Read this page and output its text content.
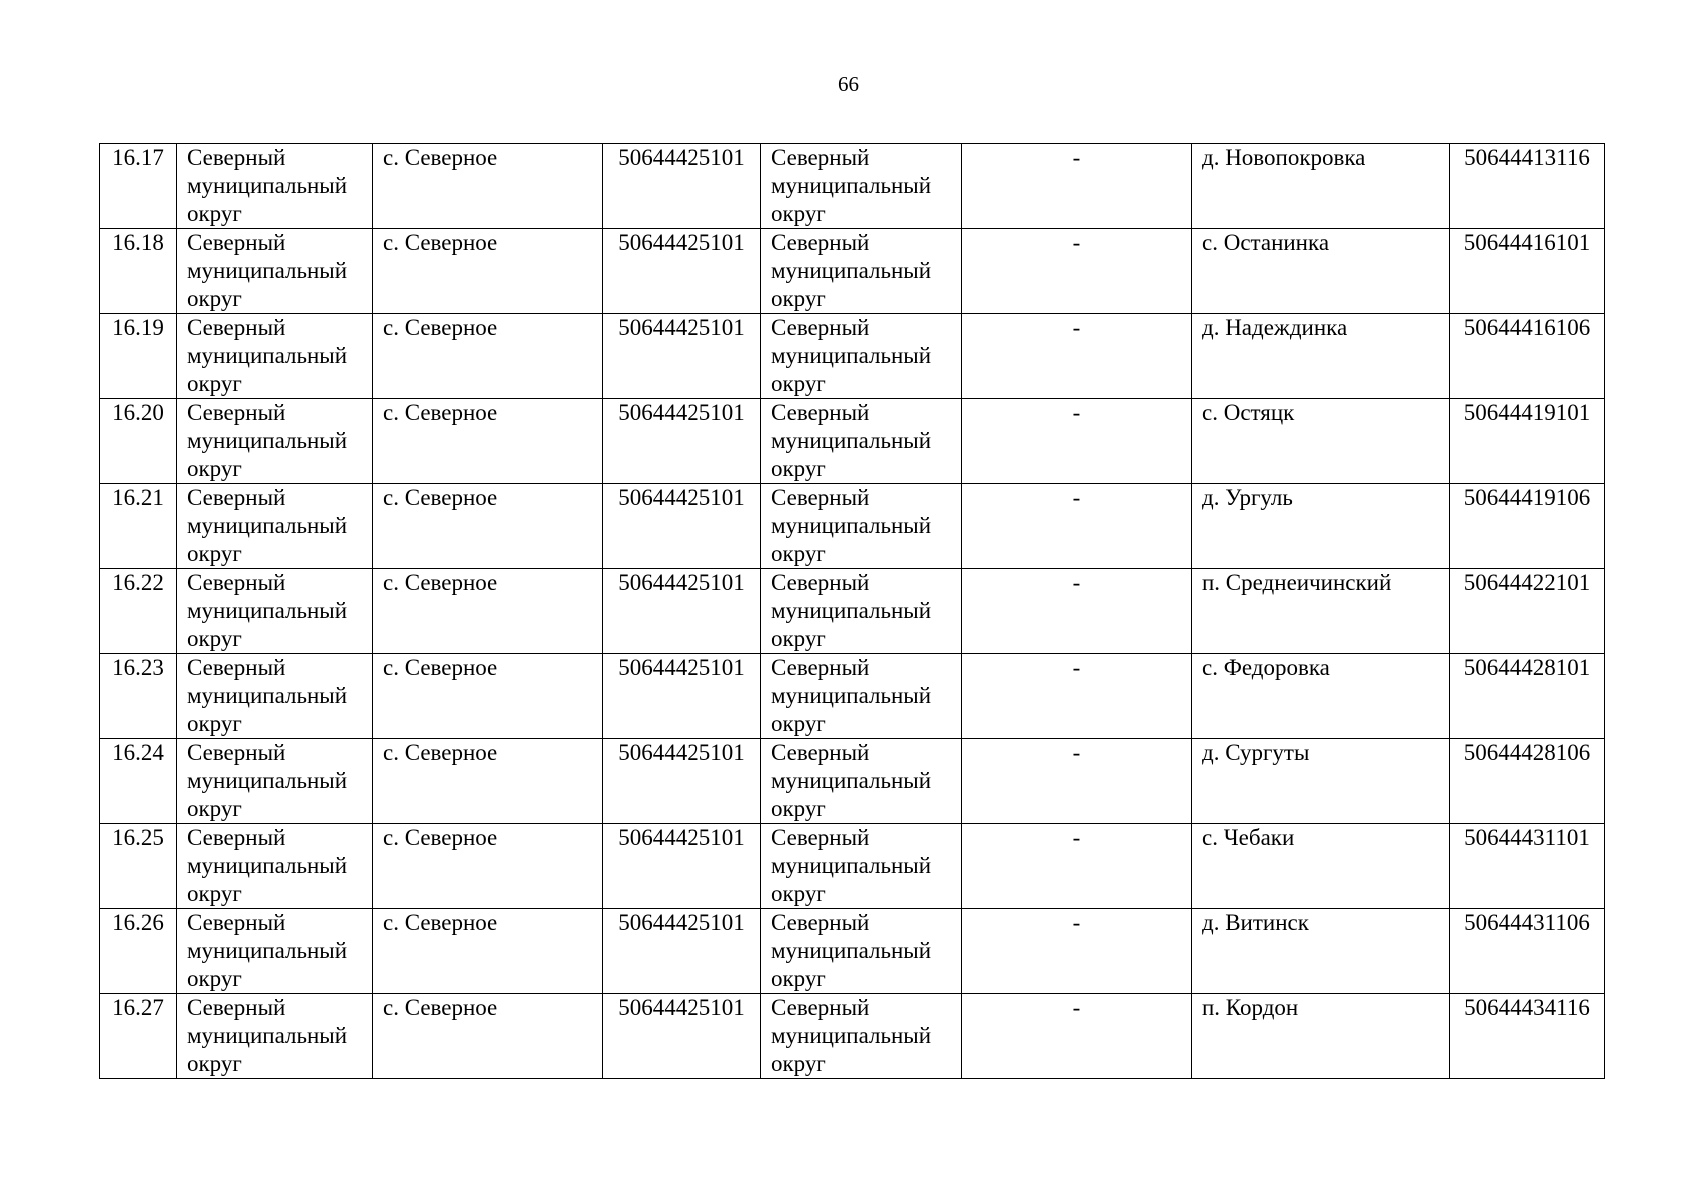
66
16.17	Северный
муниципальный
округ	с. Северное	50644425101	Северный
муниципальный
округ	-	д. Новопокровка	50644413116
16.18	Северный
муниципальный
округ	с. Северное	50644425101	Северный
муниципальный
округ	-	с. Останинка	50644416101
16.19	Северный
муниципальный
округ	с. Северное	50644425101	Северный
муниципальный
округ	-	д. Надеждинка	50644416106
16.20	Северный
муниципальный
округ	с. Северное	50644425101	Северный
муниципальный
округ	-	с. Остяцк	50644419101
16.21	Северный
муниципальный
округ	с. Северное	50644425101	Северный
муниципальный
округ	-	д. Ургуль	50644419106
16.22	Северный
муниципальный
округ	с. Северное	50644425101	Северный
муниципальный
округ	-	п. Среднеичинский	50644422101
16.23	Северный
муниципальный
округ	с. Северное	50644425101	Северный
муниципальный
округ	-	с. Федоровка	50644428101
16.24	Северный
муниципальный
округ	с. Северное	50644425101	Северный
муниципальный
округ	-	д. Сургуты	50644428106
16.25	Северный
муниципальный
округ	с. Северное	50644425101	Северный
муниципальный
округ	-	с. Чебаки	50644431101
16.26	Северный
муниципальный
округ	с. Северное	50644425101	Северный
муниципальный
округ	-	д. Витинск	50644431106
16.27	Северный
муниципальный
округ	с. Северное	50644425101	Северный
муниципальный
округ	-	п. Кордон	50644434116
